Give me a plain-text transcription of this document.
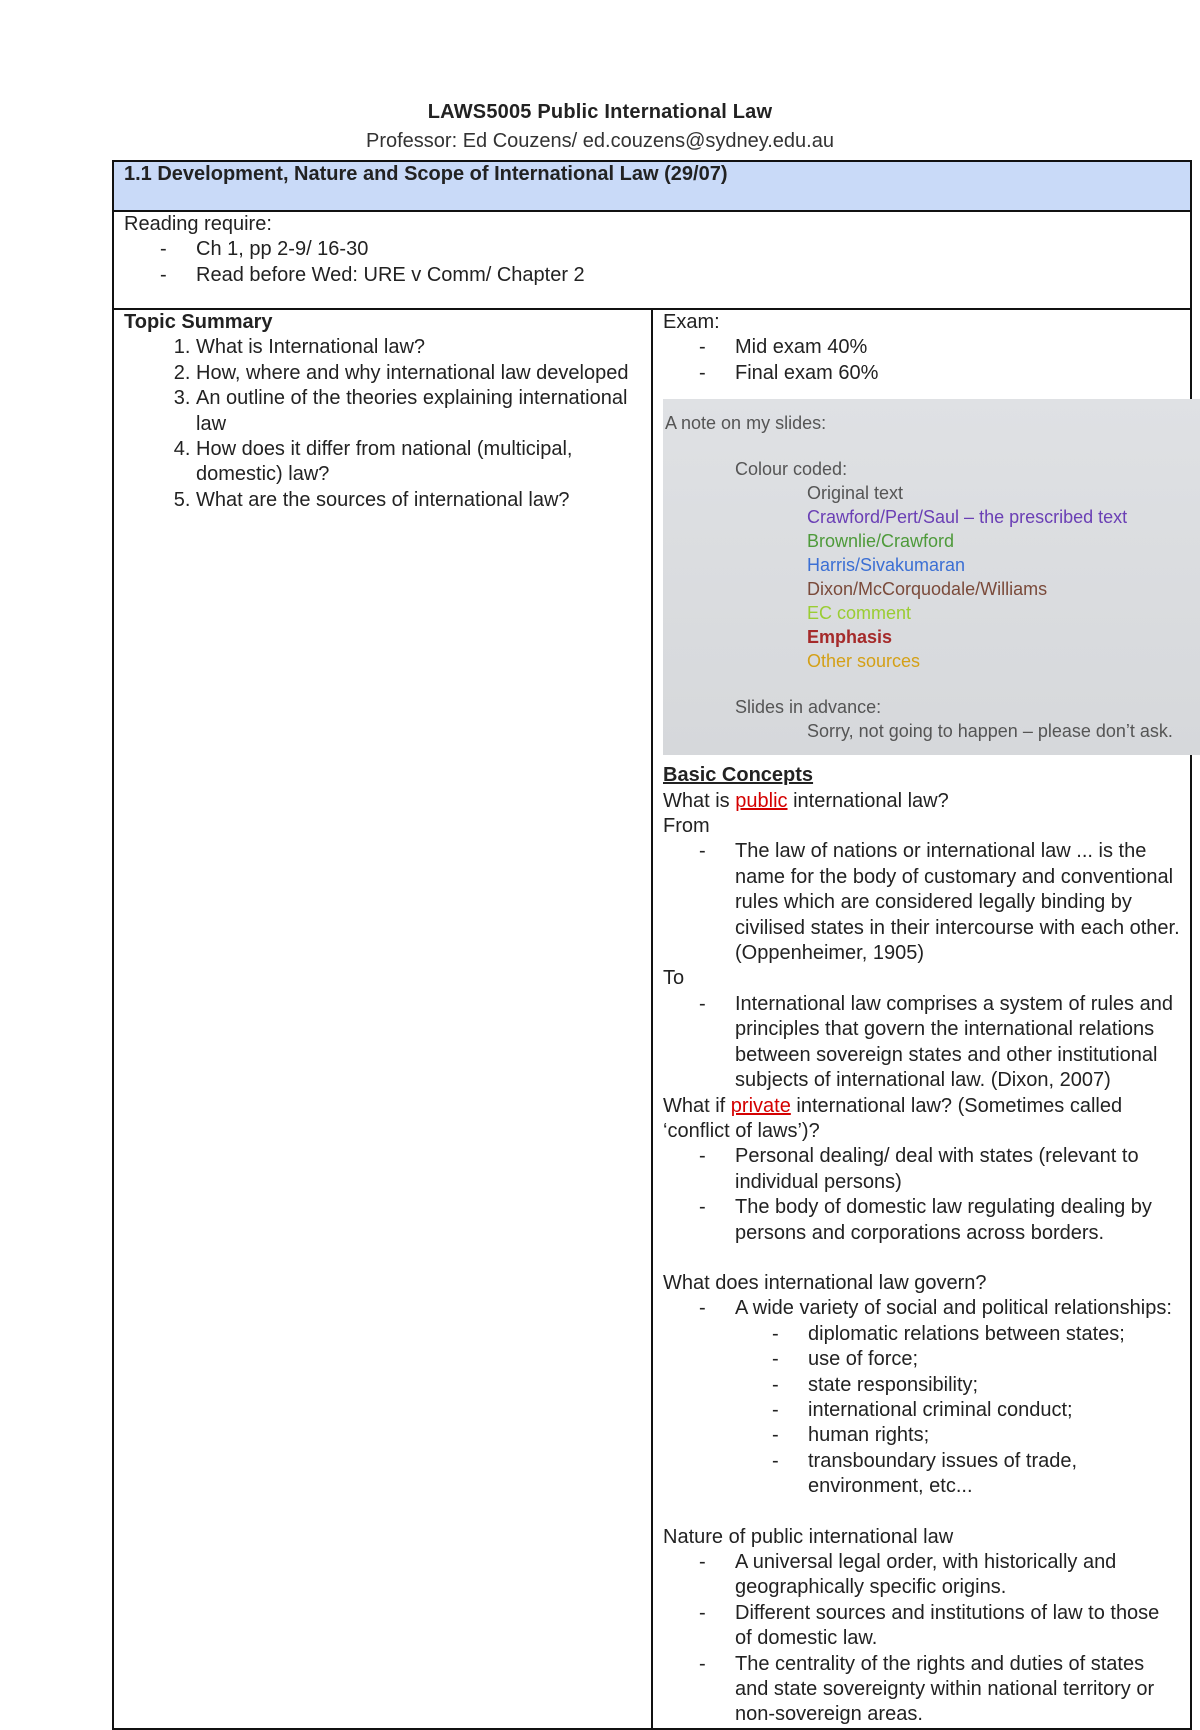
LAWS5005 Public International Law
Professor: Ed Couzens/ ed.couzens@sydney.edu.au
1.1 Development, Nature and Scope of International Law (29/07)

Reading require:
- Ch 1, pp 2-9/ 16-30
- Read before Wed: URE v Comm/ Chapter 2

Topic Summary
1. What is International law?
2. How, where and why international law developed
3. An outline of the theories explaining international law
4. How does it differ from national (multicipal, domestic) law?
5. What are the sources of international law?

Exam:
- Mid exam 40%
- Final exam 60%
A note on my slides:
Colour coded:
Original text
Crawford/Pert/Saul – the prescribed text
Brownlie/Crawford
Harris/Sivakumaran
Dixon/McCorquodale/Williams
EC comment
Emphasis
Other sources
Slides in advance:
Sorry, not going to happen – please don’t ask.
Basic Concepts
What is public international law?
From
- The law of nations or international law ... is the name for the body of customary and conventional rules which are considered legally binding by civilised states in their intercourse with each other. (Oppenheimer, 1905)
To
- International law comprises a system of rules and principles that govern the international relations between sovereign states and other institutional subjects of international law. (Dixon, 2007)
What if private international law? (Sometimes called ‘conflict of laws’)?
- Personal dealing/ deal with states (relevant to individual persons)
- The body of domestic law regulating dealing by persons and corporations across borders.
What does international law govern?
- A wide variety of social and political relationships:
- diplomatic relations between states;
- use of force;
- state responsibility;
- international criminal conduct;
- human rights;
- transboundary issues of trade, environment, etc...
Nature of public international law
- A universal legal order, with historically and geographically specific origins.
- Different sources and institutions of law to those of domestic law.
- The centrality of the rights and duties of states and state sovereignty within national territory or non-sovereign areas.
